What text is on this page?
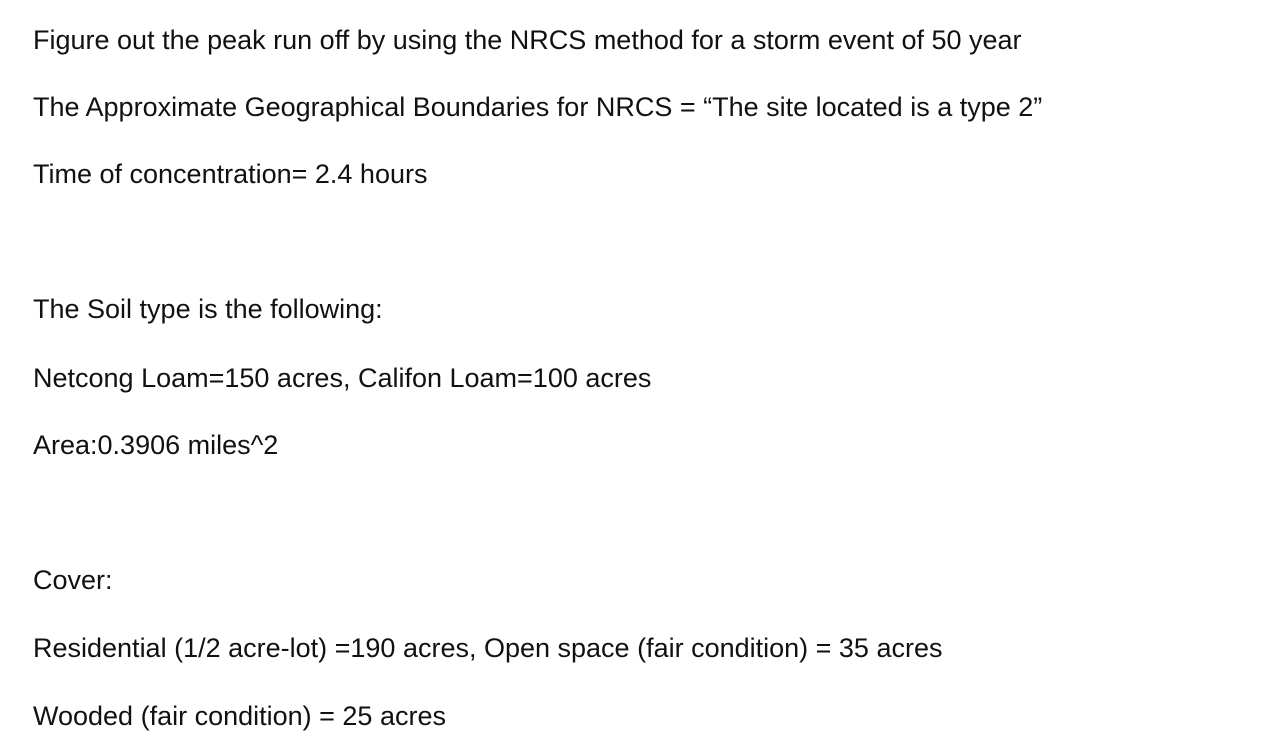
Figure out the peak run off by using the NRCS method for a storm event of 50 year
The Approximate Geographical Boundaries for NRCS = “The site located is a type 2”
Time of concentration= 2.4 hours
The Soil type is the following:
Netcong Loam=150 acres, Califon Loam=100 acres
Area:0.3906 miles^2
Cover:
Residential (1/2 acre-lot) =190 acres, Open space (fair condition) = 35 acres
Wooded (fair condition) = 25 acres
